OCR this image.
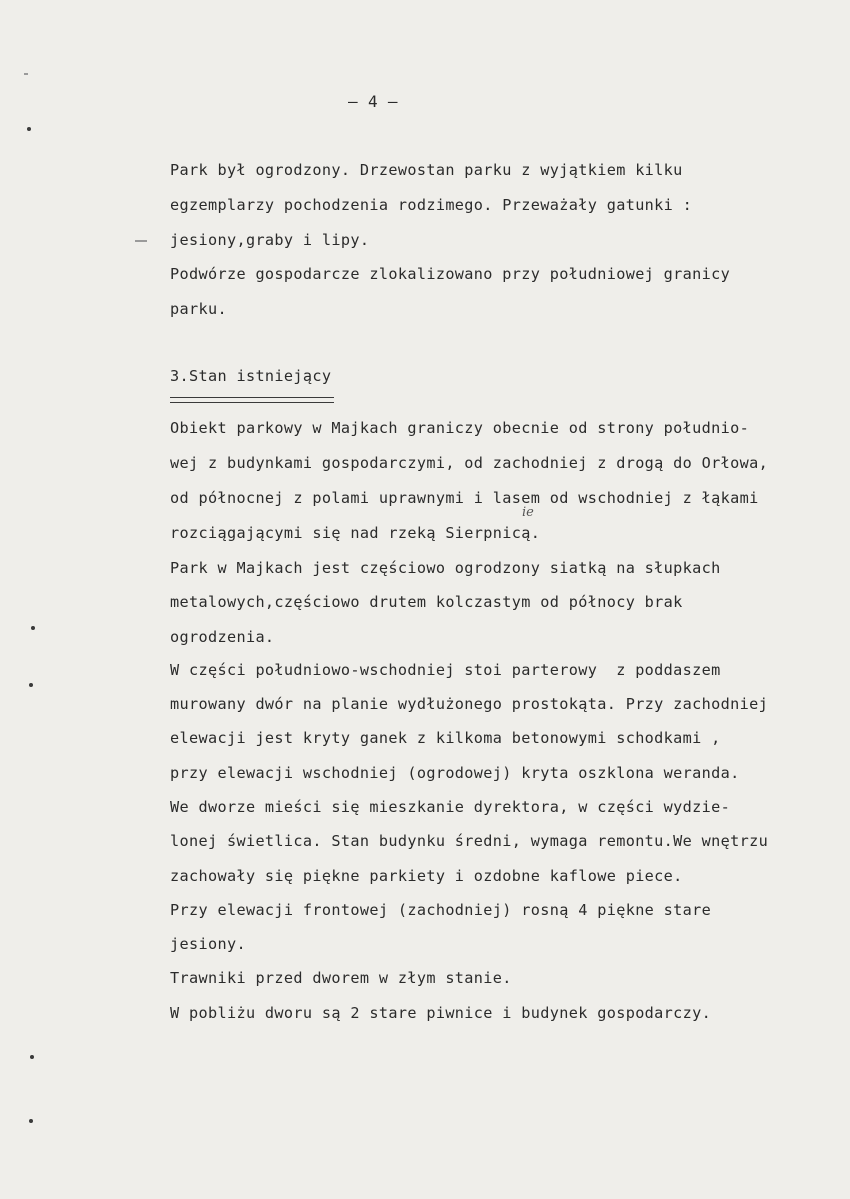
– 4 –
Park był ogrodzony. Drzewostan parku z wyjątkiem kilku
egzemplarzy pochodzenia rodzimego. Przeważały gatunki :
jesiony,graby i lipy.
Podwórze gospodarcze zlokalizowano przy południowej granicy
parku.
3.Stan istniejący
Obiekt parkowy w Majkach graniczy obecnie od strony południo-
wej z budynkami gospodarczymi, od zachodniej z drogą do Orłowa,
od północnej z polami uprawnymi i lasem od wschodniej z łąkami
rozciągającymi się nad rzeką Sierpnicą.
ie
Park w Majkach jest częściowo ogrodzony siatką na słupkach
metalowych,częściowo drutem kolczastym od północy brak
ogrodzenia.
W części południowo-wschodniej stoi parterowy  z poddaszem
murowany dwór na planie wydłużonego prostokąta. Przy zachodniej
elewacji jest kryty ganek z kilkoma betonowymi schodkami ,
przy elewacji wschodniej (ogrodowej) kryta oszklona weranda.
We dworze mieści się mieszkanie dyrektora, w części wydzie-
lonej świetlica. Stan budynku średni, wymaga remontu.We wnętrzu
zachowały się piękne parkiety i ozdobne kaflowe piece.
Przy elewacji frontowej (zachodniej) rosną 4 piękne stare
jesiony.
Trawniki przed dworem w złym stanie.
W pobliżu dworu są 2 stare piwnice i budynek gospodarczy.
